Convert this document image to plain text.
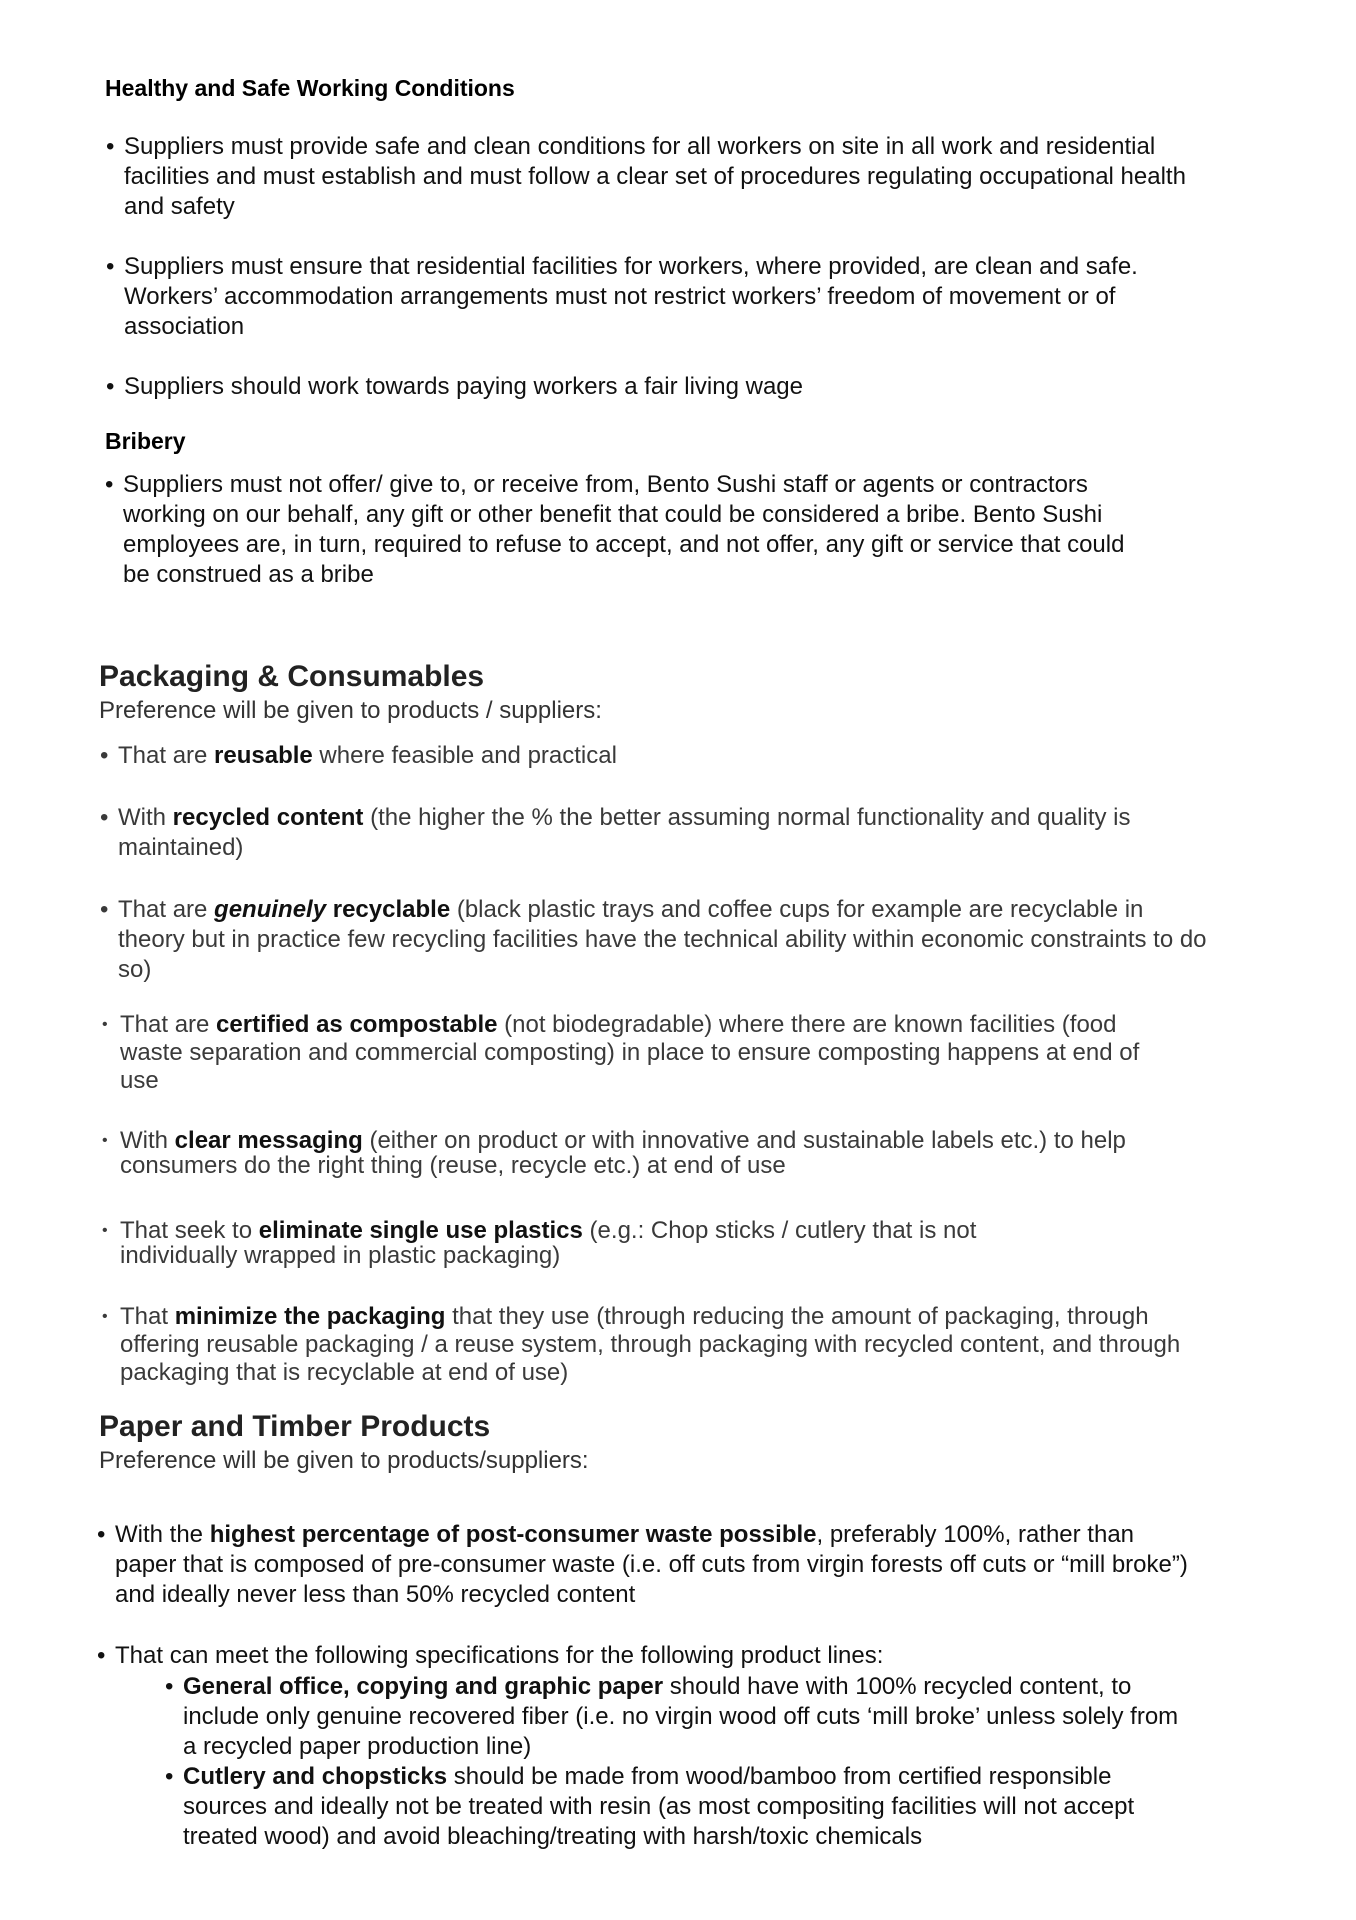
Healthy and Safe Working Conditions
• Suppliers must provide safe and clean conditions for all workers on site in all work and residential facilities and must establish and must follow a clear set of procedures regulating occupational health and safety
• Suppliers must ensure that residential facilities for workers, where provided, are clean and safe. Workers’ accommodation arrangements must not restrict workers’ freedom of movement or of association
• Suppliers should work towards paying workers a fair living wage
Bribery
• Suppliers must not offer/ give to, or receive from, Bento Sushi staff or agents or contractors working on our behalf, any gift or other benefit that could be considered a bribe. Bento Sushi employees are, in turn, required to refuse to accept, and not offer, any gift or service that could be construed as a bribe
Packaging & Consumables

Preference will be given to products / suppliers:

• That are reusable where feasible and practical
• With recycled content (the higher the % the better assuming normal functionality and quality is maintained)
• That are genuinely recyclable (black plastic trays and coffee cups for example are recyclable in theory but in practice few recycling facilities have the technical ability within economic constraints to do so)
• That are certified as compostable (not biodegradable) where there are known facilities (food waste separation and commercial composting) in place to ensure composting happens at end of use
• With clear messaging (either on product or with innovative and sustainable labels etc.) to help consumers do the right thing (reuse, recycle etc.) at end of use
• That seek to eliminate single use plastics (e.g.: Chop sticks / cutlery that is not individually wrapped in plastic packaging)
• That minimize the packaging that they use (through reducing the amount of packaging, through offering reusable packaging / a reuse system, through packaging with recycled content, and through packaging that is recyclable at end of use)
Paper and Timber Products

Preference will be given to products/suppliers:

• With the highest percentage of post-consumer waste possible, preferably 100%, rather than paper that is composed of pre-consumer waste (i.e. off cuts from virgin forests off cuts or “mill broke”) and ideally never less than 50% recycled content
• That can meet the following specifications for the following product lines:
• General office, copying and graphic paper should have with 100% recycled content, to include only genuine recovered fiber (i.e. no virgin wood off cuts ‘mill broke’ unless solely from a recycled paper production line)
• Cutlery and chopsticks should be made from wood/bamboo from certified responsible sources and ideally not be treated with resin (as most compositing facilities will not accept treated wood) and avoid bleaching/treating with harsh/toxic chemicals
